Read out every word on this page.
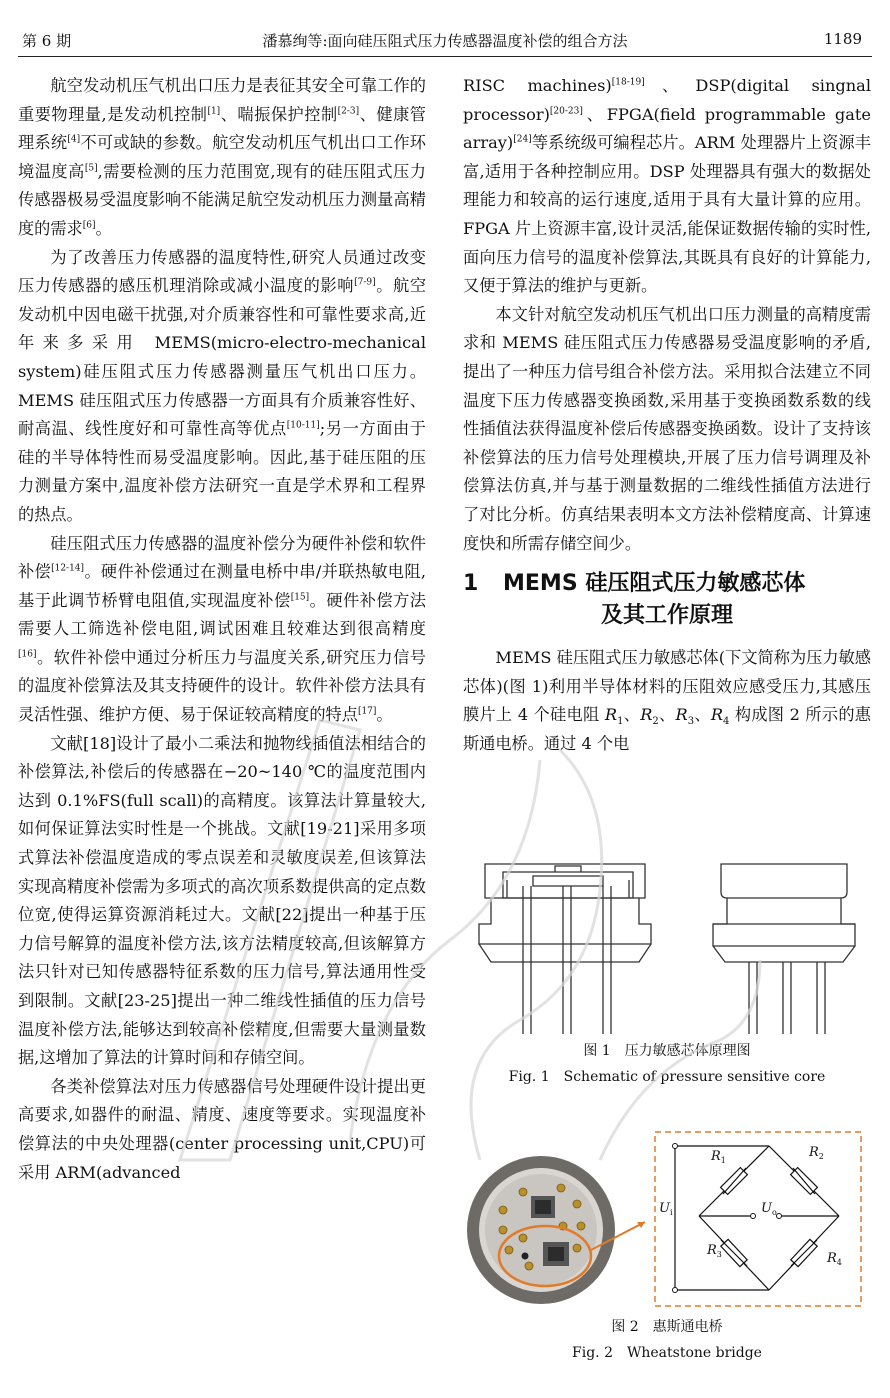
第 6 期	潘慕绚等:面向硅压阻式压力传感器温度补偿的组合方法	1189

航空发动机压气机出口压力是表征其安全可靠工作的重要物理量,是发动机控制[1]、喘振保护控制[2-3]、健康管理系统[4]不可或缺的参数。航空发动机压气机出口工作环境温度高[5],需要检测的压力范围宽,现有的硅压阻式压力传感器极易受温度影响不能满足航空发动机压力测量高精度的需求[6]。

为了改善压力传感器的温度特性,研究人员通过改变压力传感器的感压机理消除或减小温度的影响[7-9]。航空发动机中因电磁干扰强,对介质兼容性和可靠性要求高,近年来多采用 MEMS(micro-electro-mechanical system)硅压阻式压力传感器测量压气机出口压力。MEMS 硅压阻式压力传感器一方面具有介质兼容性好、耐高温、线性度好和可靠性高等优点[10-11];另一方面由于硅的半导体特性而易受温度影响。因此,基于硅压阻的压力测量方案中,温度补偿方法研究一直是学术界和工程界的热点。

硅压阻式压力传感器的温度补偿分为硬件补偿和软件补偿[12-14]。硬件补偿通过在测量电桥中串/并联热敏电阻,基于此调节桥臂电阻值,实现温度补偿[15]。硬件补偿方法需要人工筛选补偿电阻,调试困难且较难达到很高精度[16]。软件补偿中通过分析压力与温度关系,研究压力信号的温度补偿算法及其支持硬件的设计。软件补偿方法具有灵活性强、维护方便、易于保证较高精度的特点[17]。

文献[18]设计了最小二乘法和抛物线插值法相结合的补偿算法,补偿后的传感器在−20~140 ℃的温度范围内达到 0.1%FS(full scall)的高精度。该算法计算量较大,如何保证算法实时性是一个挑战。文献[19-21]采用多项式算法补偿温度造成的零点误差和灵敏度误差,但该算法实现高精度补偿需为多项式的高次项系数提供高的定点数位宽,使得运算资源消耗过大。文献[22]提出一种基于压力信号解算的温度补偿方法,该方法精度较高,但该解算方法只针对已知传感器特征系数的压力信号,算法通用性受到限制。文献[23-25]提出一种二维线性插值的压力信号温度补偿方法,能够达到较高补偿精度,但需要大量测量数据,这增加了算法的计算时间和存储空间。

各类补偿算法对压力传感器信号处理硬件设计提出更高要求,如器件的耐温、精度、速度等要求。实现温度补偿算法的中央处理器(center processing unit,CPU)可采用 ARM(advanced

RISC machines)[18-19]、DSP(digital singnal processor)[20-23]、FPGA(field programmable gate array)[24]等系统级可编程芯片。ARM 处理器片上资源丰富,适用于各种控制应用。DSP 处理器具有强大的数据处理能力和较高的运行速度,适用于具有大量计算的应用。FPGA 片上资源丰富,设计灵活,能保证数据传输的实时性,面向压力信号的温度补偿算法,其既具有良好的计算能力,又便于算法的维护与更新。

本文针对航空发动机压气机出口压力测量的高精度需求和 MEMS 硅压阻式压力传感器易受温度影响的矛盾,提出了一种压力信号组合补偿方法。采用拟合法建立不同温度下压力传感器变换函数,采用基于变换函数系数的线性插值法获得温度补偿后传感器变换函数。设计了支持该补偿算法的压力信号处理模块,开展了压力信号调理及补偿算法仿真,并与基于测量数据的二维线性插值方法进行了对比分析。仿真结果表明本文方法补偿精度高、计算速度快和所需存储空间少。

1 MEMS 硅压阻式压力敏感芯体
及其工作原理

MEMS 硅压阻式压力敏感芯体(下文简称为压力敏感芯体)(图 1)利用半导体材料的压阻效应感受压力,其感压膜片上 4 个硅电阻 $R_1$、$R_2$、$R_3$、$R_4$ 构成图 2 所示的惠斯通电桥。通过 4 个电

图 1　压力敏感芯体原理图
Fig. 1　Schematic of pressure sensitive core
$R_1$
$R_2$
$R_3$	$R_4$
$U_i$	$U_o$
图 2　惠斯通电桥
Fig. 2　Wheatstone bridge
